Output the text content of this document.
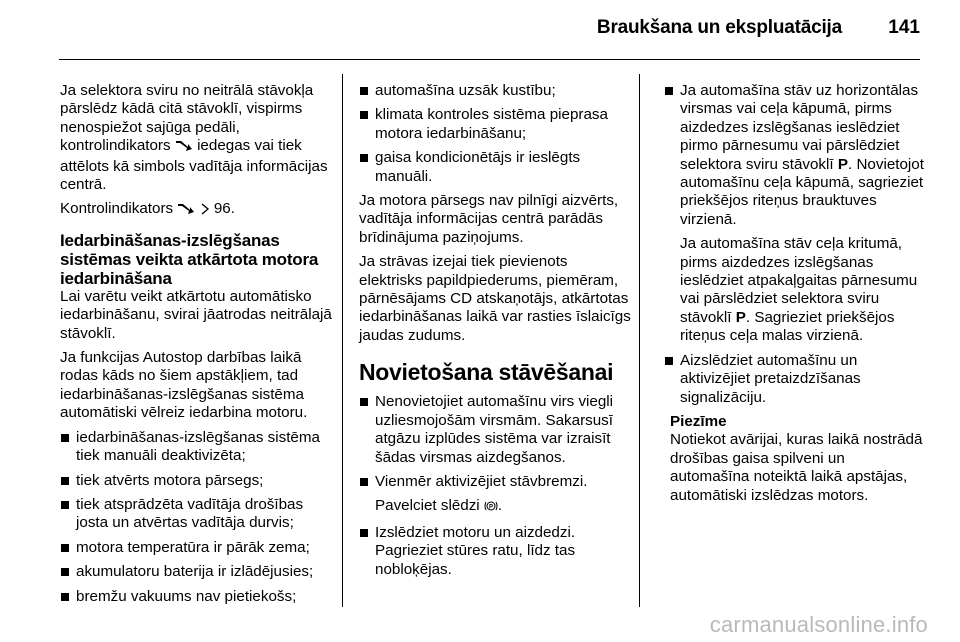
Braukšana un ekspluatācija 141

Ja selektora sviru no neitrālā stāvokļa pārslēdz kādā citā stāvoklī, vispirms nenospiežot sajūga pedāli, kontrolindikators iedegas vai tiek attēlots kā simbols vadītāja informācijas centrā.

Kontrolindikators	96.

Iedarbināšanas-izslēgšanas sistēmas veikta atkārtota motora iedarbināšana

Lai varētu veikt atkārtotu automātisko iedarbināšanu, svirai jāatrodas neitrālajā stāvoklī.

Ja funkcijas Autostop darbības laikā rodas kāds no šiem apstākļiem, tad iedarbināšanas-izslēgšanas sistēma automātiski vēlreiz iedarbina motoru.

iedarbināšanas-izslēgšanas sistēma tiek manuāli deaktivizēta;
tiek atvērts motora pārsegs;
tiek atsprādzēta vadītāja drošības josta un atvērtas vadītāja durvis;
motora temperatūra ir pārāk zema;
akumulatoru baterija ir izlādējusies;
bremžu vakuums nav pietiekošs;
automašīna uzsāk kustību;
klimata kontroles sistēma pieprasa motora iedarbināšanu;
gaisa kondicionētājs ir ieslēgts manuāli.

Ja motora pārsegs nav pilnīgi aizvērts, vadītāja informācijas centrā parādās brīdinājuma paziņojums.

Ja strāvas izejai tiek pievienots elektrisks papildpiederums, piemēram, pārnēsājams CD atskaņotājs, atkārtotas iedarbināšanas laikā var rasties īslaicīgs jaudas zudums.

Novietošana stāvēšanai
Nenovietojiet automašīnu virs viegli uzliesmojošām virsmām. Sakarsusī atgāzu izplūdes sistēma var izraisīt šādas virsmas aizdegšanos.
Vienmēr aktivizējiet stāvbremzi.

Pavelciet slēdzi P .

Izslēdziet motoru un aizdedzi. Pagrieziet stūres ratu, līdz tas nobloķējas.
Ja automašīna stāv uz horizontālas virsmas vai ceļa kāpumā, pirms aizdedzes izslēgšanas ieslēdziet pirmo pārnesumu vai pārslēdziet selektora sviru stāvoklī P. Novietojot automašīnu ceļa kāpumā, sagrieziet priekšējos riteņus brauktuves virzienā.

Ja automašīna stāv ceļa kritumā, pirms aizdedzes izslēgšanas ieslēdziet atpakaļgaitas pārnesumu vai pārslēdziet selektora sviru stāvoklī P. Sagrieziet priekšējos riteņus ceļa malas virzienā.

Aizslēdziet automašīnu un aktivizējiet pretaizdzīšanas signalizāciju.
Piezīme
Notiekot avārijai, kuras laikā nostrādā drošības gaisa spilveni un automašīna noteiktā laikā apstājas, automātiski izslēdzas motors.
carmanualsonline.info
